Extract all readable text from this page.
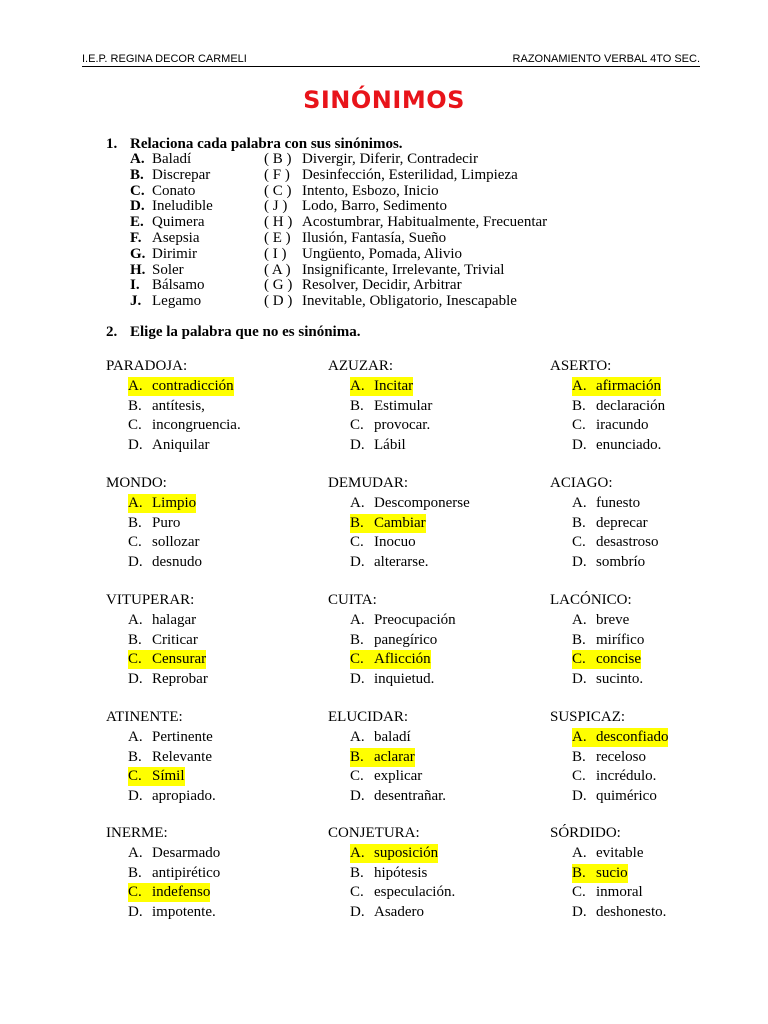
I.E.P. REGINA DECOR CARMELI	RAZONAMIENTO VERBAL 4TO SEC.
SINÓNIMOS
1. Relaciona cada palabra con sus sinónimos.
A. Baladí	( B ) Divergir, Diferir, Contradecir
B. Discrepar	( F ) Desinfección, Esterilidad, Limpieza
C. Conato	( C ) Intento, Esbozo, Inicio
D. Ineludible	( J ) Lodo, Barro, Sedimento
E. Quimera	( H ) Acostumbrar, Habitualmente, Frecuentar
F. Asepsia	( E ) Ilusión, Fantasía, Sueño
G. Dirimir	( I ) Ungüento, Pomada, Alivio
H. Soler	( A ) Insignificante, Irrelevante, Trivial
I. Bálsamo	( G ) Resolver, Decidir, Arbitrar
J. Legamo	( D ) Inevitable, Obligatorio, Inescapable
2. Elige la palabra que no es sinónima.
PARADOJA:
A. contradicción
B. antítesis,
C. incongruencia.
D. Aniquilar
AZUZAR:
A. Incitar
B. Estimular
C. provocar.
D. Lábil
ASERTO:
A. afirmación
B. declaración
C. iracundo
D. enunciado.
MONDO:
A. Limpio
B. Puro
C. sollozar
D. desnudo
DEMUDAR:
A. Descomponerse
B. Cambiar
C. Inocuo
D. alterarse.
ACIAGO:
A. funesto
B. deprecar
C. desastroso
D. sombrío
VITUPERAR:
A. halagar
B. Criticar
C. Censurar
D. Reprobar
CUITA:
A. Preocupación
B. panegírico
C. Aflicción
D. inquietud.
LACÓNICO:
A. breve
B. mirífico
C. concise
D. sucinto.
ATINENTE:
A. Pertinente
B. Relevante
C. Símil
D. apropiado.
ELUCIDAR:
A. baladí
B. aclarar
C. explicar
D. desentrañar.
SUSPICAZ:
A. desconfiado
B. receloso
C. incrédulo.
D. quimérico
INERME:
A. Desarmado
B. antipirético
C. indefenso
D. impotente.
CONJETURA:
A. suposición
B. hipótesis
C. especulación.
D. Asadero
SÓRDIDO:
A. evitable
B. sucio
C. inmoral
D. deshonesto.
